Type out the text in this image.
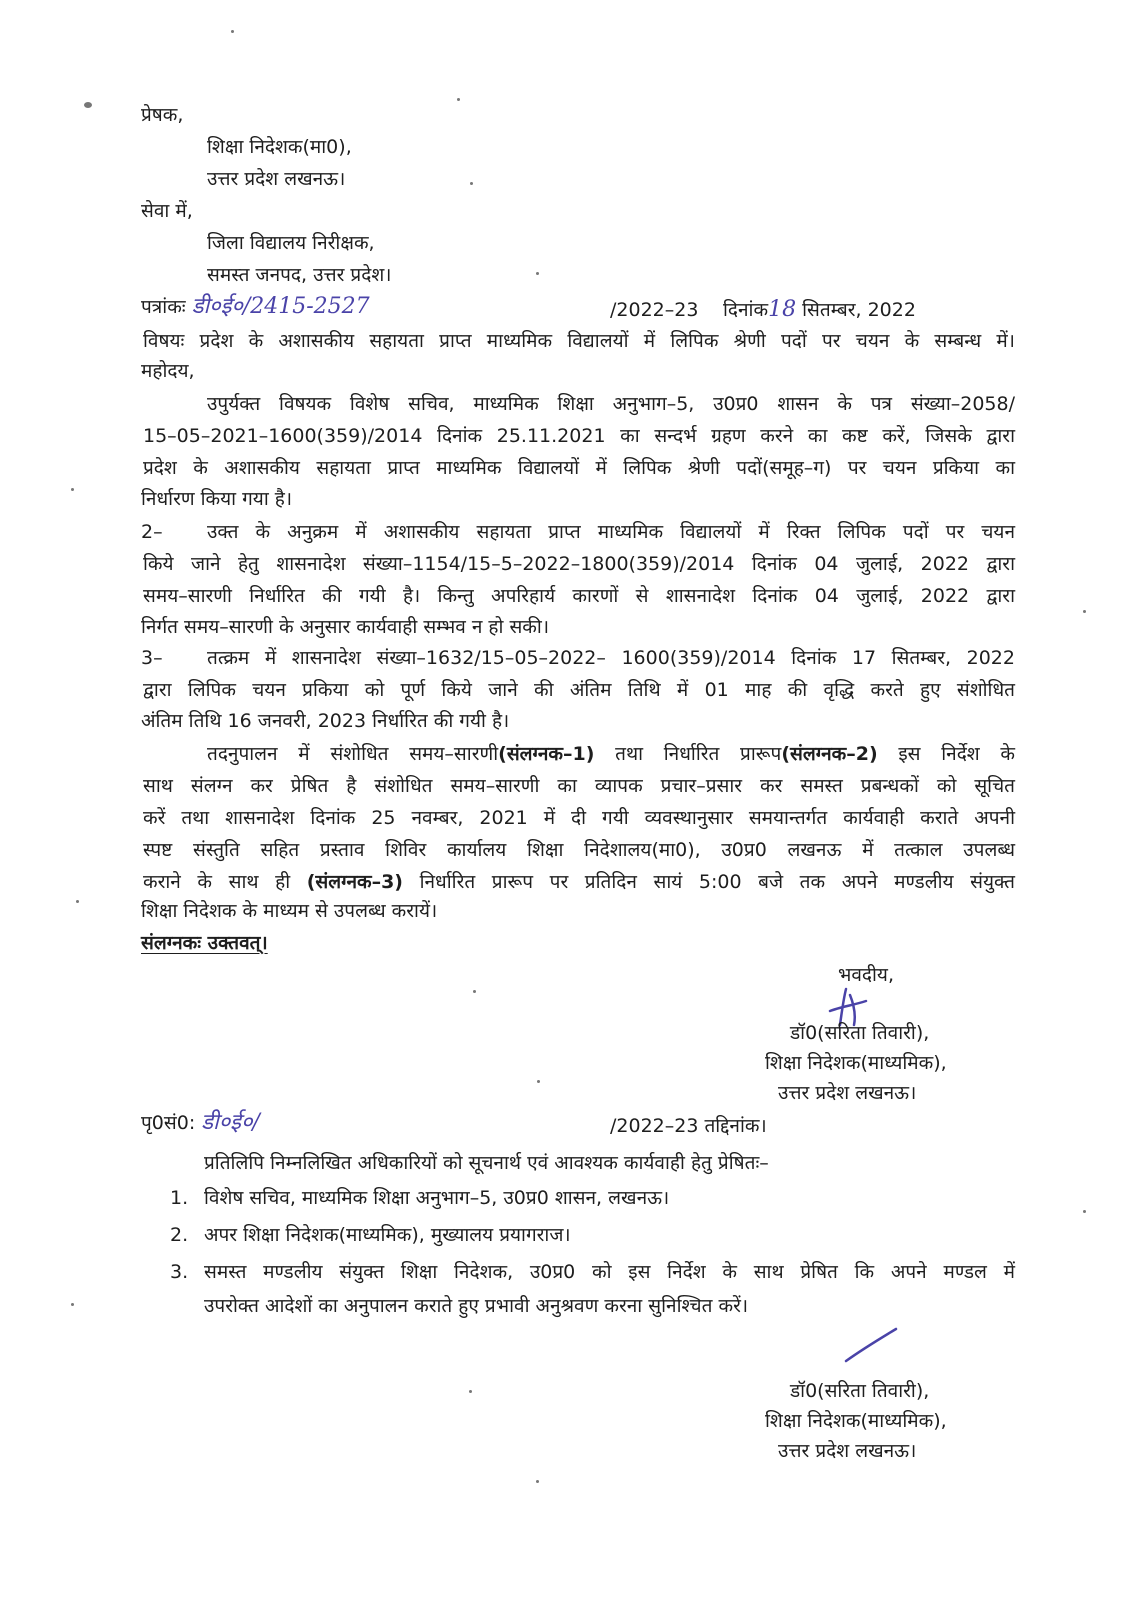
प्रेषक,
शिक्षा निदेशक(मा0),
उत्तर प्रदेश लखनऊ।
सेवा में,
जिला विद्यालय निरीक्षक,
समस्त जनपद, उत्तर प्रदेश।
पत्रांकः डी०ई०/2415-2527	/2022–23 दिनांक18 सितम्बर, 2022
विषयः प्रदेश के अशासकीय सहायता प्राप्त माध्यमिक विद्यालयों में लिपिक श्रेणी पदों पर चयन के सम्बन्ध में।
महोदय,
उपुर्यक्त विषयक विशेष सचिव, माध्यमिक शिक्षा अनुभाग–5, उ0प्र0 शासन के पत्र संख्या–2058/
15–05–2021–1600(359)/2014 दिनांक 25.11.2021 का सन्दर्भ ग्रहण करने का कष्ट करें, जिसके द्वारा
प्रदेश के अशासकीय सहायता प्राप्त माध्यमिक विद्यालयों में लिपिक श्रेणी पदों(समूह–ग) पर चयन प्रकिया का
निर्धारण किया गया है।
2– उक्त के अनुक्रम में अशासकीय सहायता प्राप्त माध्यमिक विद्यालयों में रिक्त लिपिक पदों पर चयन
किये जाने हेतु शासनादेश संख्या–1154/15–5–2022–1800(359)/2014 दिनांक 04 जुलाई, 2022 द्वारा
समय–सारणी निर्धारित की गयी है। किन्तु अपरिहार्य कारणों से शासनादेश दिनांक 04 जुलाई, 2022 द्वारा
निर्गत समय–सारणी के अनुसार कार्यवाही सम्भव न हो सकी।
3– तत्क्रम में शासनादेश संख्या–1632/15–05–2022– 1600(359)/2014 दिनांक 17 सितम्बर, 2022
द्वारा लिपिक चयन प्रकिया को पूर्ण किये जाने की अंतिम तिथि में 01 माह की वृद्धि करते हुए संशोधित
अंतिम तिथि 16 जनवरी, 2023 निर्धारित की गयी है।
तदनुपालन में संशोधित समय–सारणी(संलग्नक–1) तथा निर्धारित प्रारूप(संलग्नक–2) इस निर्देश के
साथ संलग्न कर प्रेषित है संशोधित समय–सारणी का व्यापक प्रचार–प्रसार कर समस्त प्रबन्धकों को सूचित
करें तथा शासनादेश दिनांक 25 नवम्बर, 2021 में दी गयी व्यवस्थानुसार समयान्तर्गत कार्यवाही कराते अपनी
स्पष्ट संस्तुति सहित प्रस्ताव शिविर कार्यालय शिक्षा निदेशालय(मा0), उ0प्र0 लखनऊ में तत्काल उपलब्ध
कराने के साथ ही (संलग्नक–3) निर्धारित प्रारूप पर प्रतिदिन सायं 5:00 बजे तक अपने मण्डलीय संयुक्त
शिक्षा निदेशक के माध्यम से उपलब्ध करायें।
संलग्नकः उक्तवत्।
भवदीय,
डॉ0(सरिता तिवारी),
शिक्षा निदेशक(माध्यमिक),
उत्तर प्रदेश लखनऊ।
पृ0सं0: डी०ई०/	/2022–23 तद्दिनांक।
प्रतिलिपि निम्नलिखित अधिकारियों को सूचनार्थ एवं आवश्यक कार्यवाही हेतु प्रेषितः–
1. विशेष सचिव, माध्यमिक शिक्षा अनुभाग–5, उ0प्र0 शासन, लखनऊ।
2. अपर शिक्षा निदेशक(माध्यमिक), मुख्यालय प्रयागराज।
3. समस्त मण्डलीय संयुक्त शिक्षा निदेशक, उ0प्र0 को इस निर्देश के साथ प्रेषित कि अपने मण्डल में
उपरोक्त आदेशों का अनुपालन कराते हुए प्रभावी अनुश्रवण करना सुनिश्चित करें।
डॉ0(सरिता तिवारी),
शिक्षा निदेशक(माध्यमिक),
उत्तर प्रदेश लखनऊ।
